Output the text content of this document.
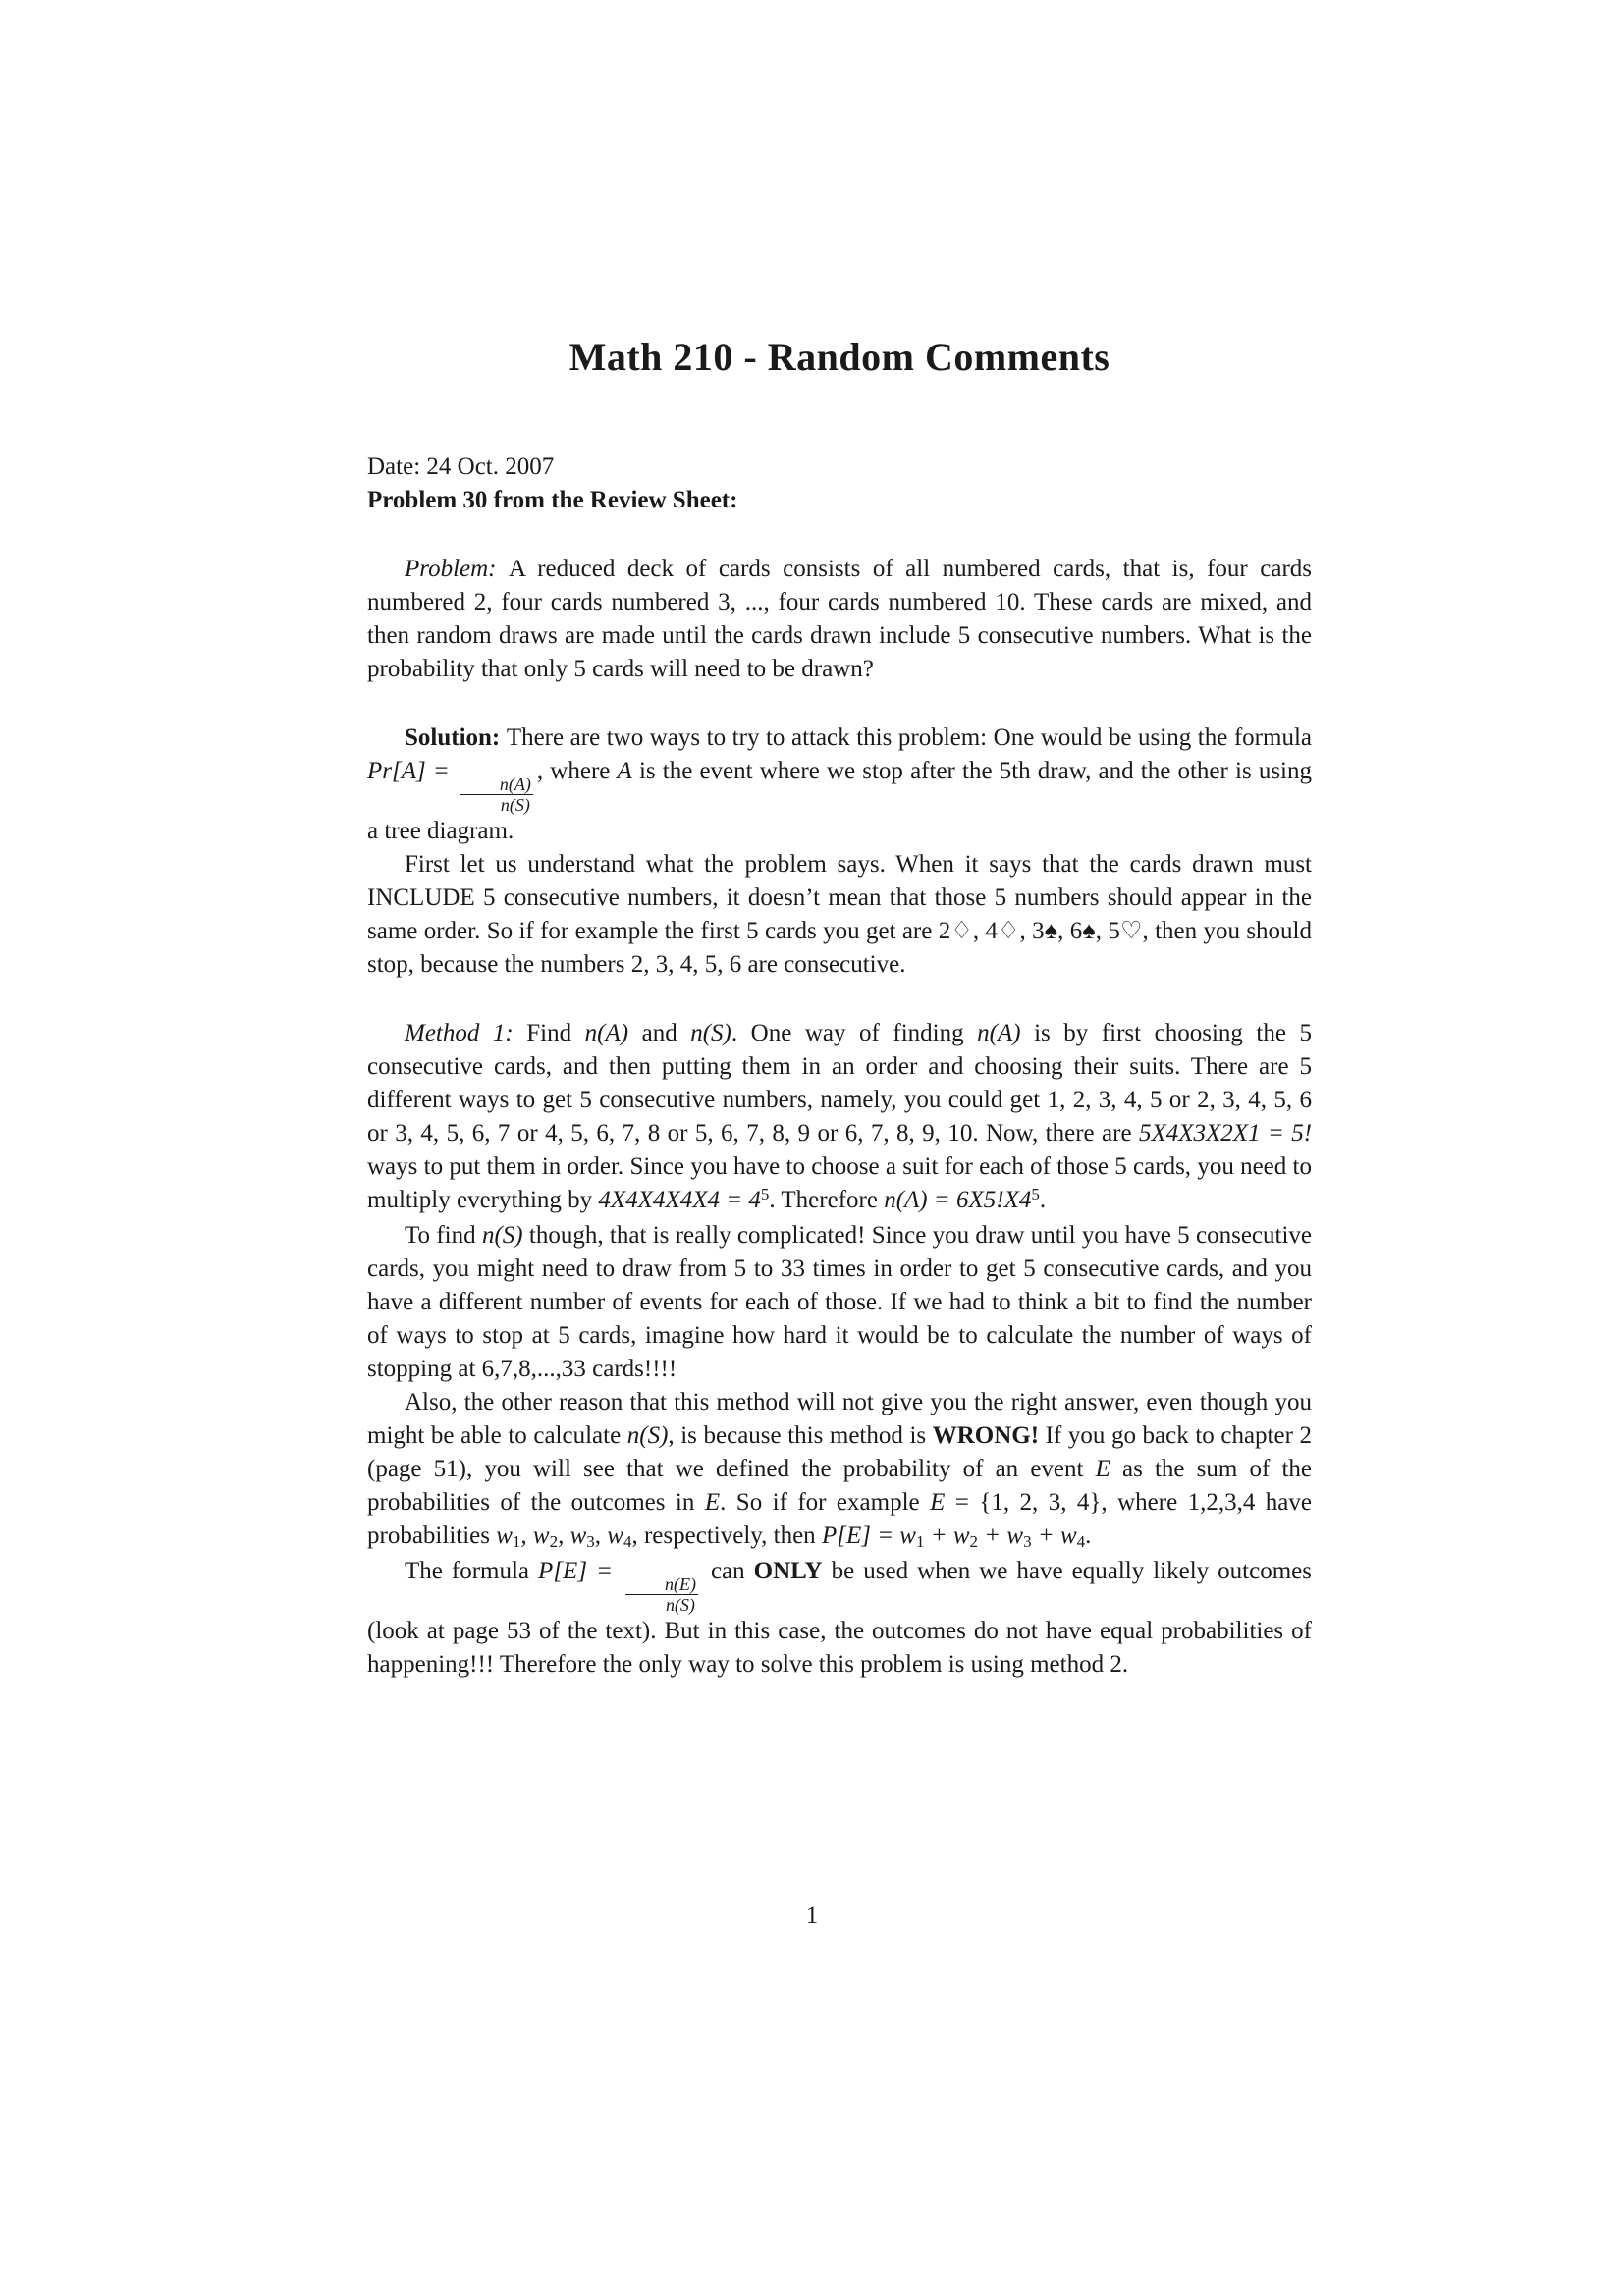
Math 210 - Random Comments
Date: 24 Oct. 2007
Problem 30 from the Review Sheet:

Problem: A reduced deck of cards consists of all numbered cards, that is, four cards numbered 2, four cards numbered 3, ..., four cards numbered 10. These cards are mixed, and then random draws are made until the cards drawn include 5 consecutive numbers. What is the probability that only 5 cards will need to be drawn?

Solution: There are two ways to try to attack this problem: One would be using the formula Pr[A] =
$\frac{n(A)}{n(S)}$
, where A is the event where we stop after the 5th draw, and the other is using a tree diagram.

First let us understand what the problem says. When it says that the cards drawn must INCLUDE 5 consecutive numbers, it doesn’t mean that those 5 numbers should appear in the same order. So if for example the first 5 cards you get are 2♢, 4♢, 3♠, 6♠, 5♡, then you should stop, because the numbers 2, 3, 4, 5, 6 are consecutive.

Method 1: Find n(A) and n(S). One way of finding n(A) is by first choosing the 5 consecutive cards, and then putting them in an order and choosing their suits. There are 5 different ways to get 5 consecutive numbers, namely, you could get 1, 2, 3, 4, 5 or 2, 3, 4, 5, 6 or 3, 4, 5, 6, 7 or 4, 5, 6, 7, 8 or 5, 6, 7, 8, 9 or 6, 7, 8, 9, 10. Now, there are 5X4X3X2X1 = 5! ways to put them in order. Since you have to choose a suit for each of those 5 cards, you need to multiply everything by $4X4X4X4X4 = 4^5$. Therefore $n(A) = 6X5!X4^5$.

To find n(S) though, that is really complicated! Since you draw until you have 5 consecutive cards, you might need to draw from 5 to 33 times in order to get 5 consecutive cards, and you have a different number of events for each of those. If we had to think a bit to find the number of ways to stop at 5 cards, imagine how hard it would be to calculate the number of ways of stopping at 6,7,8,...,33 cards!!!!

Also, the other reason that this method will not give you the right answer, even though you might be able to calculate n(S), is because this method is WRONG! If you go back to chapter 2 (page 51), you will see that we defined the probability of an event E as the sum of the probabilities of the outcomes in E. So if for example E = {1, 2, 3, 4}, where 1,2,3,4 have probabilities w1, w2, w3, w4, respectively, then P[E] = w1 + w2 + w3 + w4.

The formula P[E] =
$\frac{n(E)}{n(S)}$
can ONLY be used when we have equally likely outcomes (look at page 53 of the text). But in this case, the outcomes do not have equal probabilities of happening!!! Therefore the only way to solve this problem is using method 2.

1
